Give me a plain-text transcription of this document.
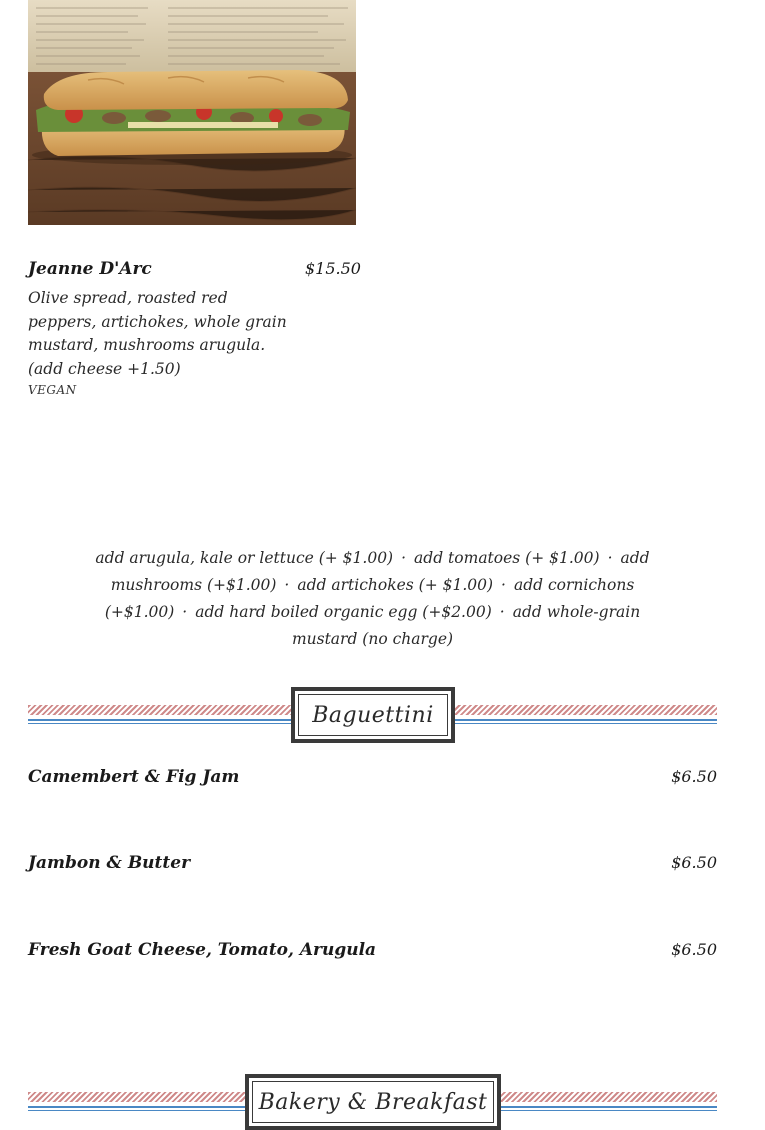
Jeanne D'Arc	$15.50
Olive spread, roasted red peppers, artichokes, whole grain mustard, mushrooms arugula. (add cheese +1.50)
VEGAN
add arugula, kale or lettuce (+ $1.00) · add tomatoes (+ $1.00) · add mushrooms (+$1.00) · add artichokes (+ $1.00) · add cornichons (+$1.00) · add hard boiled organic egg (+$2.00) · add whole-grain mustard (no charge)
Baguettini
Camembert & Fig Jam	$6.50
Jambon & Butter	$6.50
Fresh Goat Cheese, Tomato, Arugula	$6.50
Bakery & Breakfast
